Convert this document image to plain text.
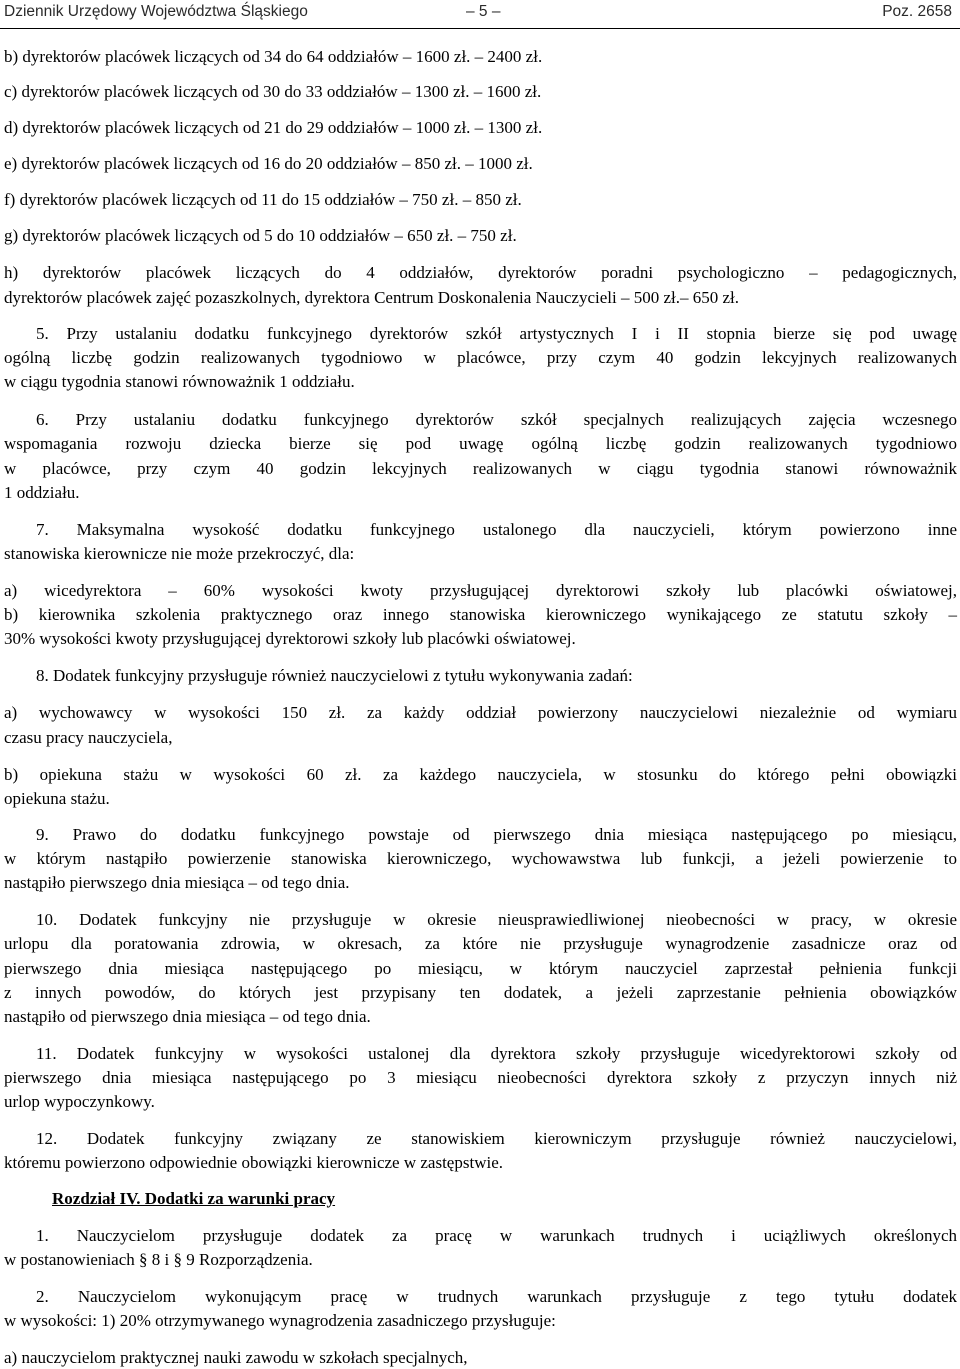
Dziennik Urzędowy Województwa Śląskiego	– 5 –	Poz. 2658
b) dyrektorów placówek liczących od 34 do 64 oddziałów – 1600 zł. – 2400 zł.
c) dyrektorów placówek liczących od 30 do 33 oddziałów – 1300 zł. – 1600 zł.
d) dyrektorów placówek liczących od 21 do 29 oddziałów – 1000 zł. – 1300 zł.
e) dyrektorów placówek liczących od 16 do 20 oddziałów – 850 zł. – 1000 zł.
f) dyrektorów placówek liczących od 11 do 15 oddziałów – 750 zł. – 850 zł.
g) dyrektorów placówek liczących od 5 do 10 oddziałów – 650 zł. – 750 zł.
h) dyrektorów placówek liczących do 4 oddziałów, dyrektorów poradni psychologiczno – pedagogicznych,
dyrektorów placówek zajęć pozaszkolnych, dyrektora Centrum Doskonalenia Nauczycieli – 500 zł.– 650 zł.
5. Przy ustalaniu dodatku funkcyjnego dyrektorów szkół artystycznych I i II stopnia bierze się pod uwagę
ogólną liczbę godzin realizowanych tygodniowo w placówce, przy czym 40 godzin lekcyjnych realizowanych
w ciągu tygodnia stanowi równoważnik 1 oddziału.
6. Przy ustalaniu dodatku funkcyjnego dyrektorów szkół specjalnych realizujących zajęcia wczesnego
wspomagania rozwoju dziecka bierze się pod uwagę ogólną liczbę godzin realizowanych tygodniowo
w placówce, przy czym 40 godzin lekcyjnych realizowanych w ciągu tygodnia stanowi równoważnik
1 oddziału.
7. Maksymalna wysokość dodatku funkcyjnego ustalonego dla nauczycieli, którym powierzono inne
stanowiska kierownicze nie może przekroczyć, dla:
a) wicedyrektora – 60% wysokości kwoty przysługującej dyrektorowi szkoły lub placówki oświatowej,
b) kierownika szkolenia praktycznego oraz innego stanowiska kierowniczego wynikającego ze statutu szkoły –
30% wysokości kwoty przysługującej dyrektorowi szkoły lub placówki oświatowej.
8. Dodatek funkcyjny przysługuje również nauczycielowi z tytułu wykonywania zadań:
a) wychowawcy w wysokości 150 zł. za każdy oddział powierzony nauczycielowi niezależnie od wymiaru
czasu pracy nauczyciela,
b) opiekuna stażu w wysokości 60 zł. za każdego nauczyciela, w stosunku do którego pełni obowiązki
opiekuna stażu.
9. Prawo do dodatku funkcyjnego powstaje od pierwszego dnia miesiąca następującego po miesiącu,
w którym nastąpiło powierzenie stanowiska kierowniczego, wychowawstwa lub funkcji, a jeżeli powierzenie to
nastąpiło pierwszego dnia miesiąca – od tego dnia.
10. Dodatek funkcyjny nie przysługuje w okresie nieusprawiedliwionej nieobecności w pracy, w okresie
urlopu dla poratowania zdrowia, w okresach, za które nie przysługuje wynagrodzenie zasadnicze oraz od
pierwszego dnia miesiąca następującego po miesiącu, w którym nauczyciel zaprzestał pełnienia funkcji
z innych powodów, do których jest przypisany ten dodatek, a jeżeli zaprzestanie pełnienia obowiązków
nastąpiło od pierwszego dnia miesiąca – od tego dnia.
11. Dodatek funkcyjny w wysokości ustalonej dla dyrektora szkoły przysługuje wicedyrektorowi szkoły od
pierwszego dnia miesiąca następującego po 3 miesiącu nieobecności dyrektora szkoły z przyczyn innych niż
urlop wypoczynkowy.
12. Dodatek funkcyjny związany ze stanowiskiem kierowniczym przysługuje również nauczycielowi,
któremu powierzono odpowiednie obowiązki kierownicze w zastępstwie.
Rozdział IV. Dodatki za warunki pracy
1. Nauczycielom przysługuje dodatek za pracę w warunkach trudnych i uciążliwych określonych
w postanowieniach § 8 i § 9 Rozporządzenia.
2. Nauczycielom wykonującym pracę w trudnych warunkach przysługuje z tego tytułu dodatek
w wysokości: 1) 20% otrzymywanego wynagrodzenia zasadniczego przysługuje:
a) nauczycielom praktycznej nauki zawodu w szkołach specjalnych,
